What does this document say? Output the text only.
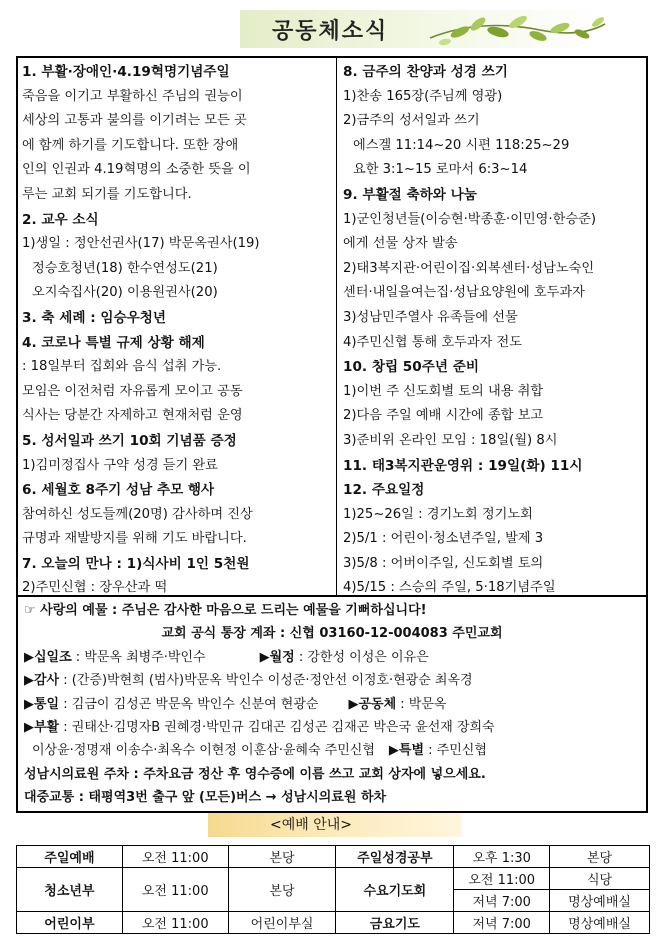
공동체소식
1. 부활·장애인·4.19혁명기념주일
죽음을 이기고 부활하신 주님의 권능이
세상의 고통과 불의를 이기려는 모든 곳
에 함께 하기를 기도합니다. 또한 장애
인의 인권과 4.19혁명의 소중한 뜻을 이
루는 교회 되기를 기도합니다.
2. 교우 소식
1)생일 : 정안선권사(17) 박문옥권사(19)
정승호청년(18) 한수연성도(21)
오지숙집사(20) 이용원권사(20)
3. 축 세례 : 임승우청년
4. 코로나 특별 규제 상황 해제
: 18일부터 집회와 음식 섭취 가능.
모임은 이전처럼 자유롭게 모이고 공동
식사는 당분간 자제하고 현재처럼 운영
5. 성서일과 쓰기 10회 기념품 증정
1)김미정집사 구약 성경 듣기 완료
6. 세월호 8주기 성남 추모 행사
참여하신 성도들께(20명) 감사하며 진상
규명과 재발방지를 위해 기도 바랍니다.
7. 오늘의 만나 : 1)식사비 1인 5천원
2)주민신협 : 장우산과 떡
8. 금주의 찬양과 성경 쓰기
1)찬송 165장(주님께 영광)
2)금주의 성서일과 쓰기
에스겔 11:14~20 시편 118:25~29
요한 3:1~15 로마서 6:3~14
9. 부활절 축하와 나눔
1)군인청년들(이승현·박종훈·이민영·한승준)
에게 선물 상자 발송
2)태3복지관·어린이집·외복센터·성남노숙인
센터·내일을여는집·성남요양원에 호두과자
3)성남민주열사 유족들에 선물
4)주민신협 통해 호두과자 전도
10. 창립 50주년 준비
1)이번 주 신도회별 토의 내용 취합
2)다음 주일 예배 시간에 종합 보고
3)준비위 온라인 모임 : 18일(월) 8시
11. 태3복지관운영위 : 19일(화) 11시
12. 주요일정
1)25~26일 : 경기노회 정기노회
2)5/1 : 어린이·청소년주일, 발제 3
3)5/8 : 어버이주일, 신도회별 토의
4)5/15 : 스승의 주일, 5·18기념주일
☞ 사랑의 예물 : 주님은 감사한 마음으로 드리는 예물을 기뻐하십니다!
교회 공식 통장 계좌 : 신협 03160-12-004083 주민교회
▶십일조 : 박문옥 최병주·박인수	▶월정 : 강한성 이성은 이유은
▶감사 : (간증)박현희 (범사)박문옥 박인수 이성준·정안선 이정호·현광순 최옥경
▶통일 : 김금이 김성곤 박문옥 박인수 신분여 현광순 ▶공동체 : 박문옥
▶부활 : 권태산·김명자B 권혜경·박민규 김대곤 김성곤 김재곤 박은국 윤선재 장희숙
이상윤·정명재 이송수·최옥수 이현정 이훈삼·윤혜숙 주민신협 ▶특별 : 주민신협
성남시의료원 주차 : 주차요금 정산 후 영수증에 이름 쓰고 교회 상자에 넣으세요.
대중교통 : 태평역3번 출구 앞 (모든)버스 → 성남시의료원 하차
<예배 안내>
주일예배	오전 11:00	본당	주일성경공부	오후 1:30	본당
청소년부	오전 11:00	본당	수요기도회	오전 11:00	식당
				저녁 7:00	명상예배실
어린이부	오전 11:00	어린이부실	금요기도	저녁 7:00	명상예배실
